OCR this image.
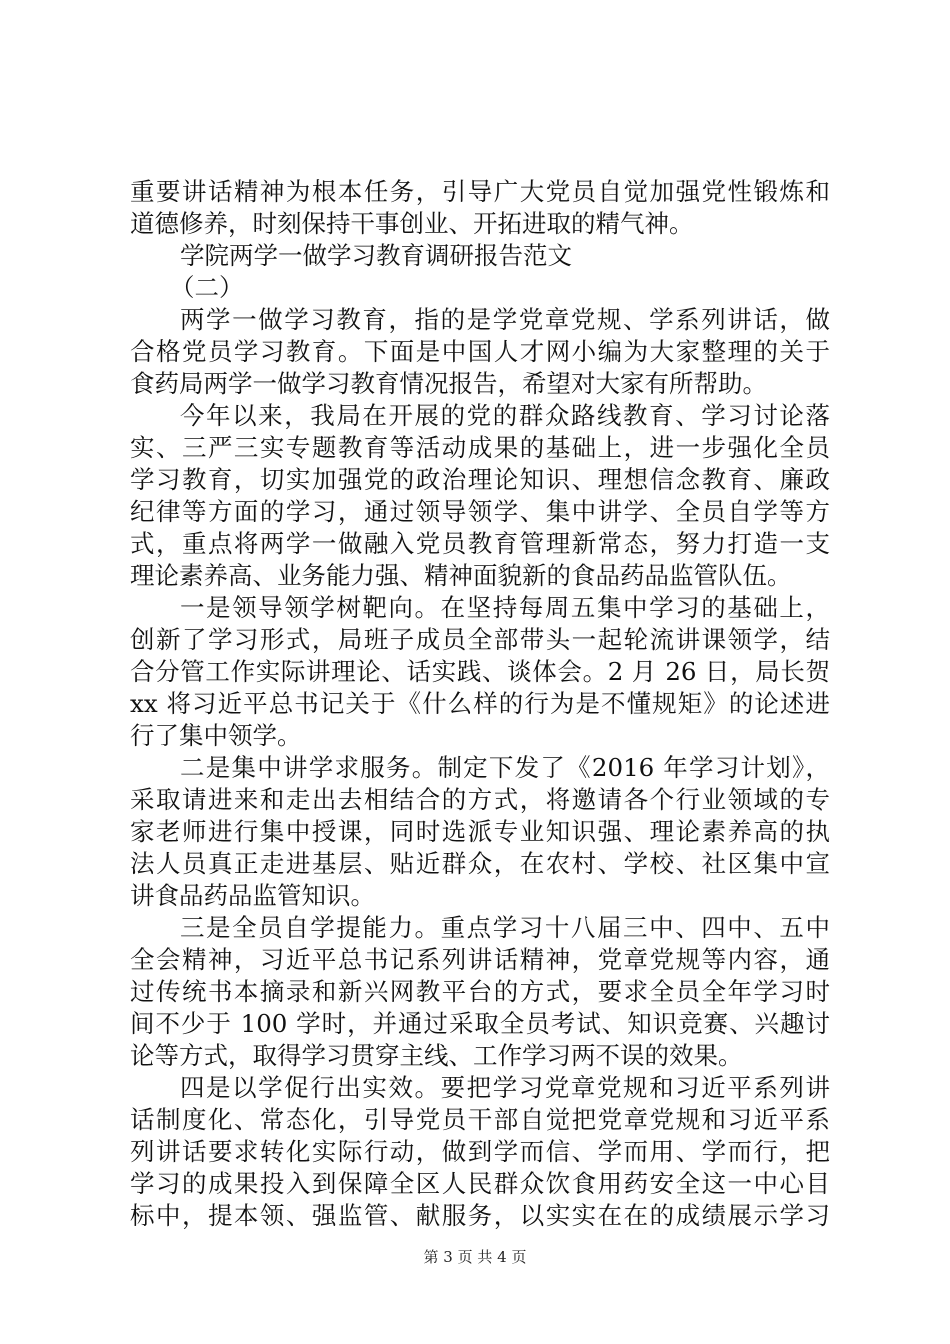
重要讲话精神为根本任务，引导广大党员自觉加强党性锻炼和
道德修养，时刻保持干事创业、开拓进取的精气神。
学院两学一做学习教育调研报告范文
（二）
两学一做学习教育，指的是学党章党规、学系列讲话，做
合格党员学习教育。下面是中国人才网小编为大家整理的关于
食药局两学一做学习教育情况报告，希望对大家有所帮助。
今年以来，我局在开展的党的群众路线教育、学习讨论落
实、三严三实专题教育等活动成果的基础上，进一步强化全员
学习教育，切实加强党的政治理论知识、理想信念教育、廉政
纪律等方面的学习，通过领导领学、集中讲学、全员自学等方
式，重点将两学一做融入党员教育管理新常态，努力打造一支
理论素养高、业务能力强、精神面貌新的食品药品监管队伍。
一是领导领学树靶向。在坚持每周五集中学习的基础上，
创新了学习形式，局班子成员全部带头一起轮流讲课领学，结
合分管工作实际讲理论、话实践、谈体会。2 月 26 日，局长贺
xx 将习近平总书记关于《什么样的行为是不懂规矩》的论述进
行了集中领学。
二是集中讲学求服务。制定下发了《2016 年学习计划》，
采取请进来和走出去相结合的方式，将邀请各个行业领域的专
家老师进行集中授课，同时选派专业知识强、理论素养高的执
法人员真正走进基层、贴近群众，在农村、学校、社区集中宣
讲食品药品监管知识。
三是全员自学提能力。重点学习十八届三中、四中、五中
全会精神，习近平总书记系列讲话精神，党章党规等内容，通
过传统书本摘录和新兴网教平台的方式，要求全员全年学习时
间不少于 100 学时，并通过采取全员考试、知识竞赛、兴趣讨
论等方式，取得学习贯穿主线、工作学习两不误的效果。
四是以学促行出实效。要把学习党章党规和习近平系列讲
话制度化、常态化，引导党员干部自觉把党章党规和习近平系
列讲话要求转化实际行动，做到学而信、学而用、学而行，把
学习的成果投入到保障全区人民群众饮食用药安全这一中心目
标中，提本领、强监管、献服务，以实实在在的成绩展示学习
第 3 页 共 4 页
